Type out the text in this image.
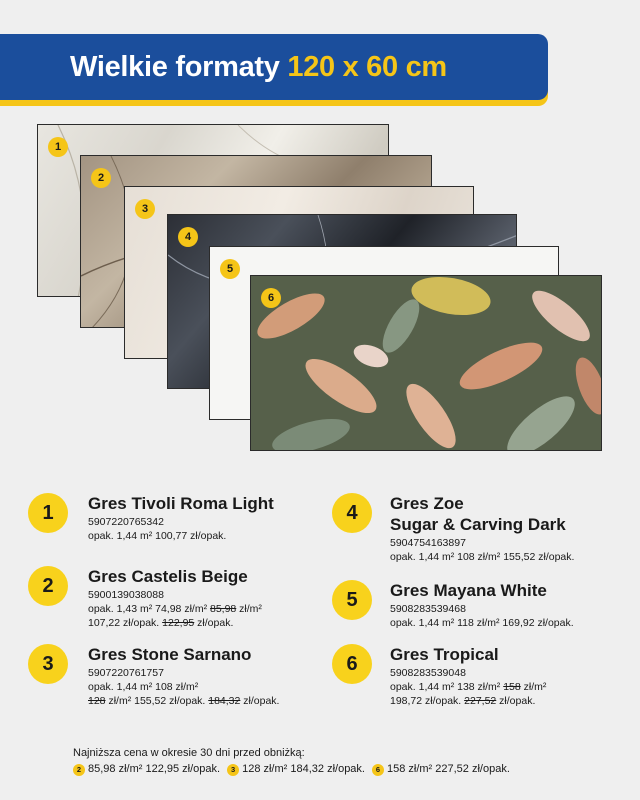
Wielkie formaty 120 x 60 cm
1
2
3
4
5
6
1	Gres Tivoli Roma Light
5907220765342
opak. 1,44 m² 100,77 zł/opak.
2	Gres Castelis Beige
5900139038088
opak. 1,43 m² 74,98 zł/m² 85,98 zł/m²
107,22 zł/opak. 122,95 zł/opak.
3	Gres Stone Sarnano
5907220761757
opak. 1,44 m² 108 zł/m²
128 zł/m² 155,52 zł/opak. 184,32 zł/opak.
4	Gres Zoe
Sugar & Carving Dark
5904754163897
opak. 1,44 m² 108 zł/m² 155,52 zł/opak.
5	Gres Mayana White
5908283539468
opak. 1,44 m² 118 zł/m² 169,92 zł/opak.
6	Gres Tropical
5908283539048
opak. 1,44 m² 138 zł/m² 158 zł/m²
198,72 zł/opak. 227,52 zł/opak.
Najniższa cena w okresie 30 dni przed obniżką:
2 85,98 zł/m² 122,95 zł/opak.	3 128 zł/m² 184,32 zł/opak.	6 158 zł/m² 227,52 zł/opak.
